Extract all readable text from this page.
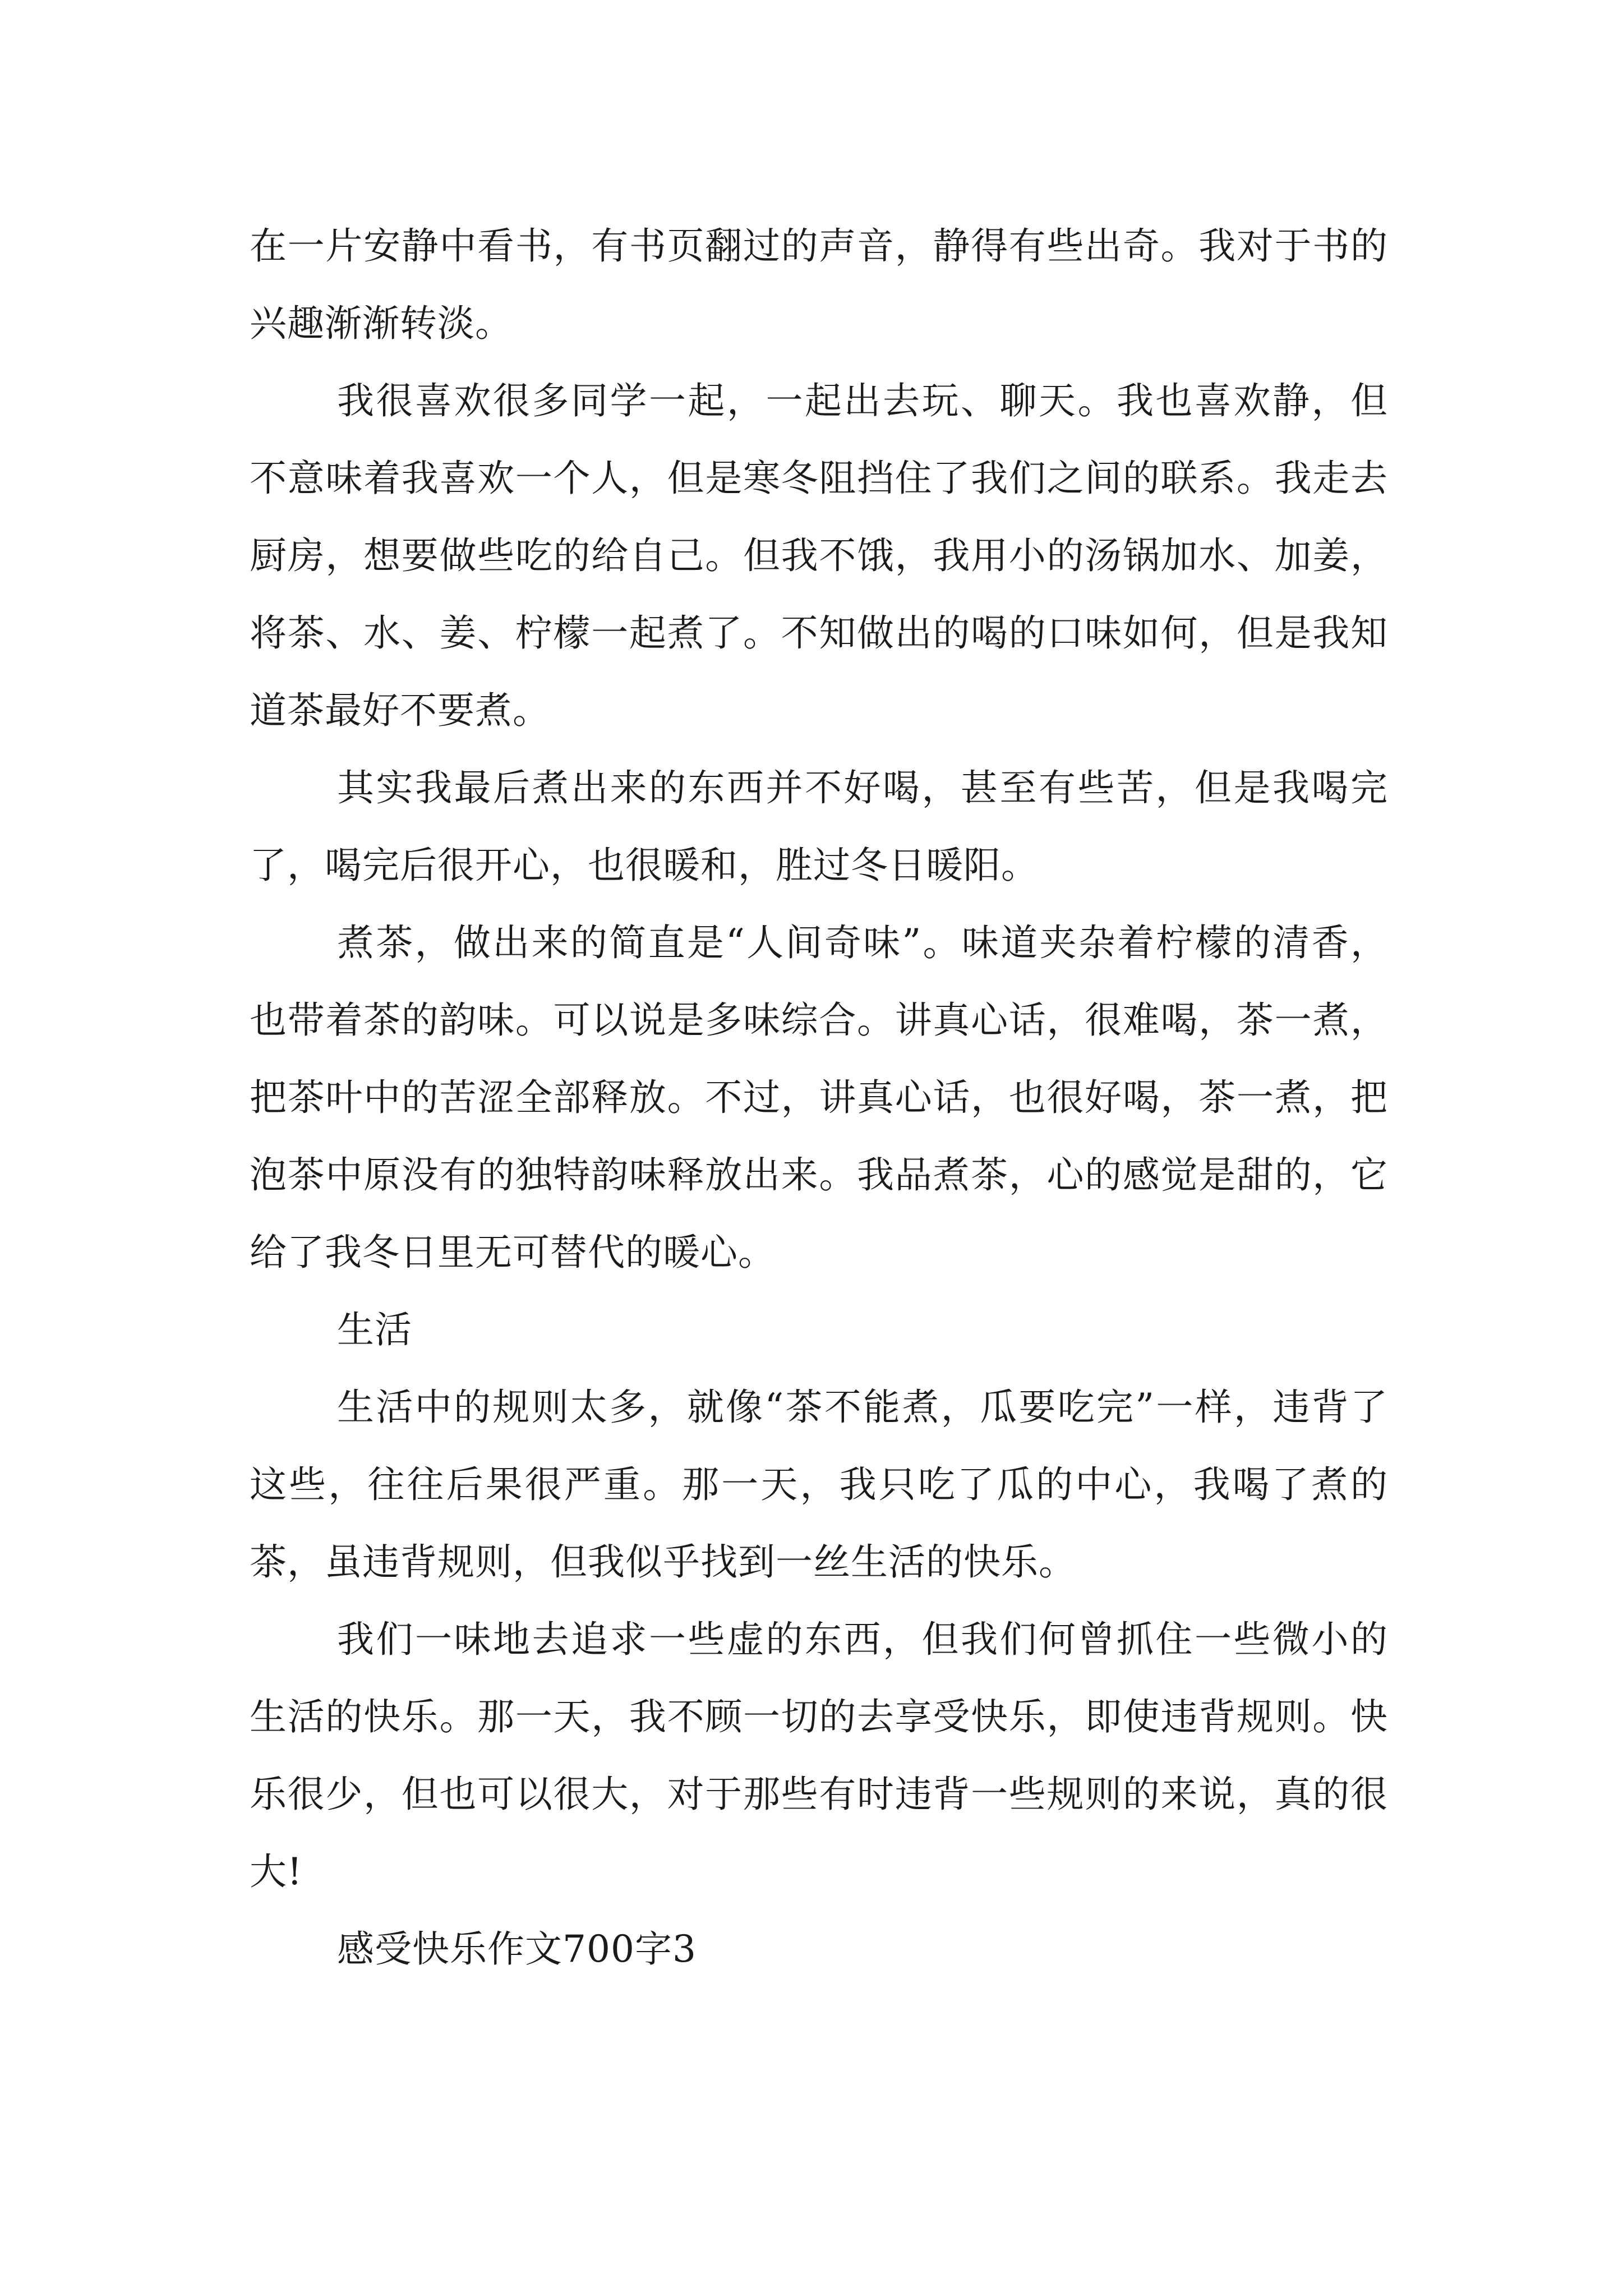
在一片安静中看书，有书页翻过的声音，静得有些出奇。我对于书的兴趣渐渐转淡。

我很喜欢很多同学一起，一起出去玩、聊天。我也喜欢静，但不意味着我喜欢一个人，但是寒冬阻挡住了我们之间的联系。我走去厨房，想要做些吃的给自己。但我不饿，我用小的汤锅加水、加姜，将茶、水、姜、柠檬一起煮了。不知做出的喝的口味如何，但是我知道茶最好不要煮。

其实我最后煮出来的东西并不好喝，甚至有些苦，但是我喝完了，喝完后很开心，也很暖和，胜过冬日暖阳。

煮茶，做出来的简直是“人间奇味”。味道夹杂着柠檬的清香，也带着茶的韵味。可以说是多味综合。讲真心话，很难喝，茶一煮，把茶叶中的苦涩全部释放。不过，讲真心话，也很好喝，茶一煮，把泡茶中原没有的独特韵味释放出来。我品煮茶，心的感觉是甜的，它给了我冬日里无可替代的暖心。

生活

生活中的规则太多，就像“茶不能煮，瓜要吃完”一样，违背了这些，往往后果很严重。那一天，我只吃了瓜的中心，我喝了煮的茶，虽违背规则，但我似乎找到一丝生活的快乐。

我们一味地去追求一些虚的东西，但我们何曾抓住一些微小的生活的快乐。那一天，我不顾一切的去享受快乐，即使违背规则。快乐很少，但也可以很大，对于那些有时违背一些规则的来说，真的很大!

感受快乐作文700字3
